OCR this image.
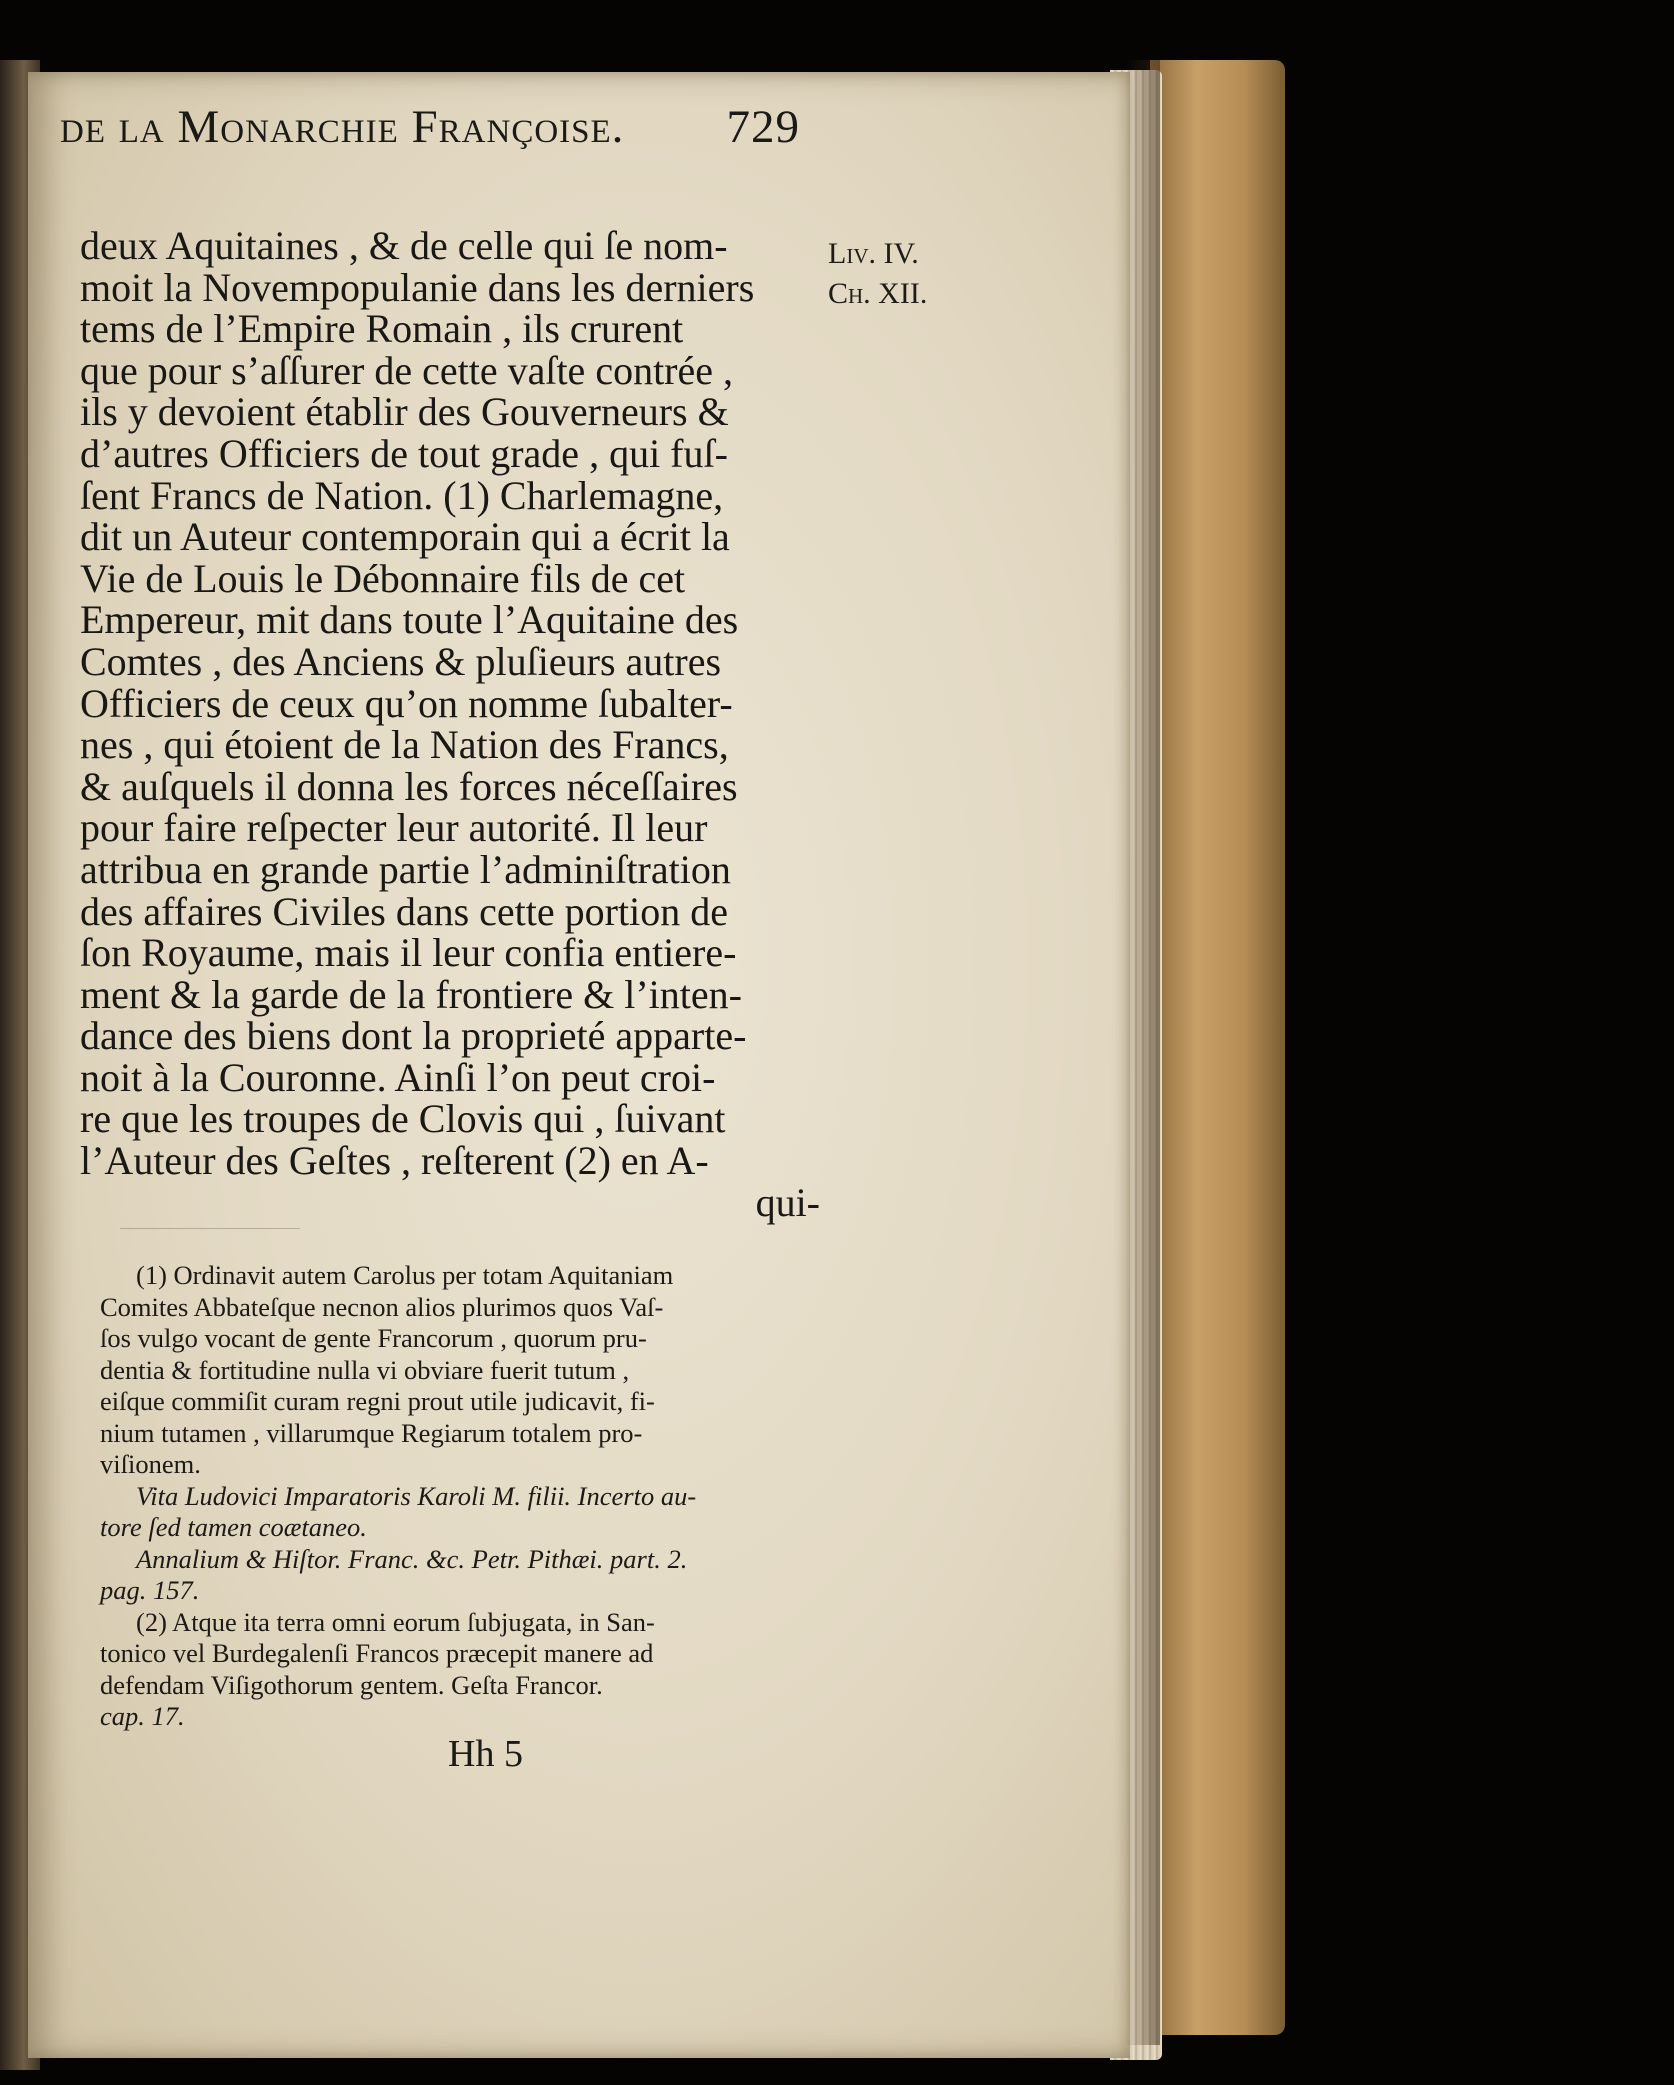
de la Monarchie Françoise. 729
Liv. IV.
Ch. XII.
deux Aquitaines , & de celle qui ſe nom-
moit la Novempopulanie dans les derniers
tems de l’Empire Romain , ils crurent
que pour s’aſſurer de cette vaſte contrée ,
ils y devoient établir des Gouverneurs &
d’autres Officiers de tout grade , qui fuſ-
ſent Francs de Nation. (1) Charlemagne,
dit un Auteur contemporain qui a écrit la
Vie de Louis le Débonnaire fils de cet
Empereur, mit dans toute l’Aquitaine des
Comtes , des Anciens & pluſieurs autres
Officiers de ceux qu’on nomme ſubalter-
nes , qui étoient de la Nation des Francs,
& auſquels il donna les forces néceſſaires
pour faire reſpecter leur autorité. Il leur
attribua en grande partie l’adminiſtration
des affaires Civiles dans cette portion de
ſon Royaume, mais il leur confia entiere-
ment & la garde de la frontiere & l’inten-
dance des biens dont la proprieté apparte-
noit à la Couronne. Ainſi l’on peut croi-
re que les troupes de Clovis qui , ſuivant
l’Auteur des Geſtes , reſterent (2) en A-
qui-
(1) Ordinavit autem Carolus per totam Aquitaniam
Comites Abbateſque necnon alios plurimos quos Vaſ-
ſos vulgo vocant de gente Francorum , quorum pru-
dentia & fortitudine nulla vi obviare fuerit tutum ,
eiſque commiſit curam regni prout utile judicavit, fi-
nium tutamen , villarumque Regiarum totalem pro-
viſionem.
Vita Ludovici Imparatoris Karoli M. filii. Incerto au-
tore ſed tamen coætaneo.
Annalium & Hiſtor. Franc. &c. Petr. Pithæi. part. 2.
pag. 157.
(2) Atque ita terra omni eorum ſubjugata, in San-
tonico vel Burdegalenſi Francos præcepit manere ad
defendam Viſigothorum gentem. Geſta Francor.
cap. 17.
Hh 5
